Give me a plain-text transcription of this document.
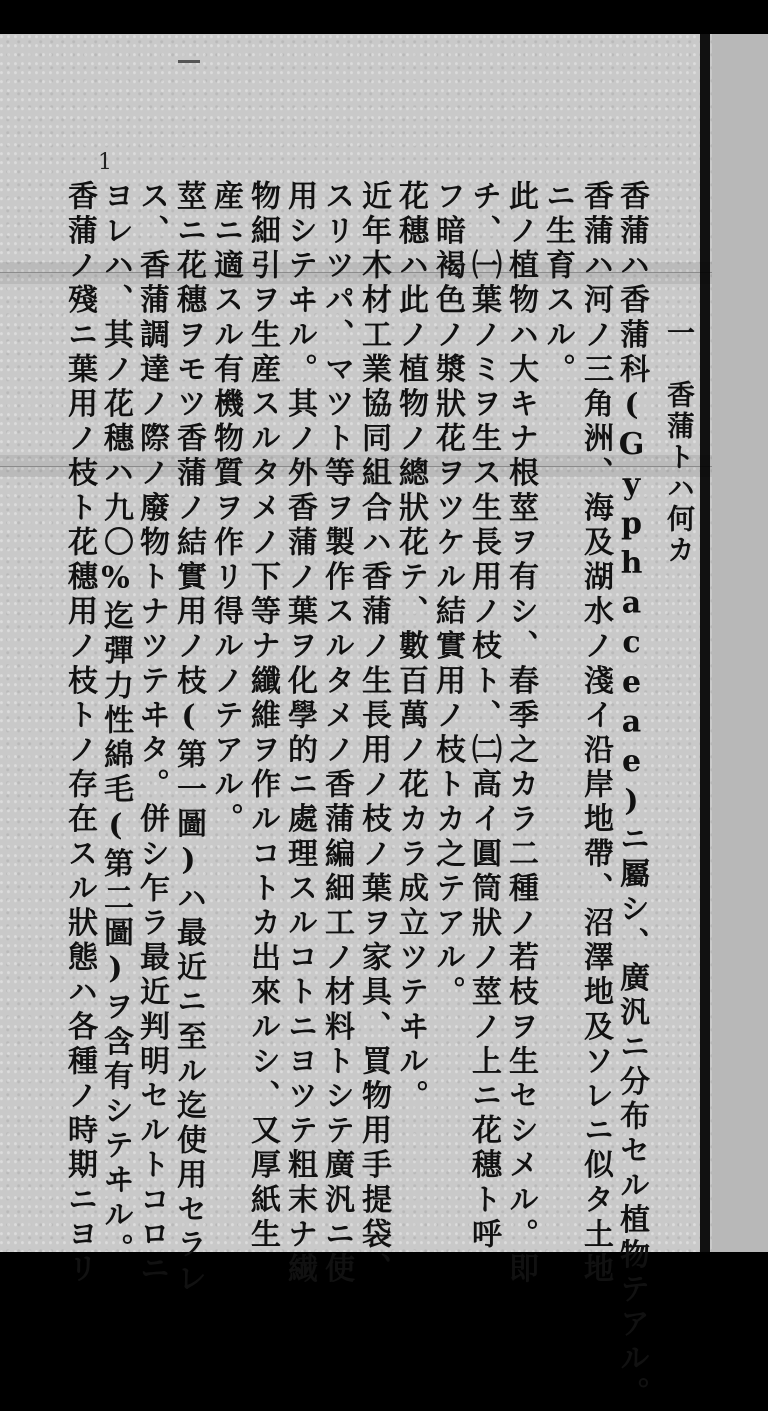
1
一　香蒲トハ何カ
香蒲ハ香蒲科(Gyphaceae)ニ屬シ、廣汎ニ分布セル植物テアル。
香蒲ハ河ノ三角洲、海及湖水ノ淺イ沿岸地帶、沼澤地及ソレニ似タ土地
ニ生育スル。
此ノ植物ハ大キナ根莖ヲ有シ、春季之カラ二種ノ若枝ヲ生セシメル。即
チ、㈠葉ノミヲ生ス生長用ノ枝ト、㈡高イ圓筒狀ノ莖ノ上ニ花穗ト呼
フ暗褐色ノ漿狀花ヲツケル結實用ノ枝トカ之テアル。
花穗ハ此ノ植物ノ總狀花テ、數百萬ノ花カラ成立ツテヰル。
近年木材工業協同組合ハ香蒲ノ生長用ノ枝ノ葉ヲ家具、買物用手提袋、
スリツパ、マツト等ヲ製作スルタメノ香蒲編細工ノ材料トシテ廣汎ニ使
用シテヰル。其ノ外香蒲ノ葉ヲ化學的ニ處理スルコトニヨツテ粗末ナ繊
物細引ヲ生産スルタメノ下等ナ纖維ヲ作ルコトカ出來ルシ、又厚紙生
産ニ適スル有機物質ヲ作リ得ルノテアル。
莖ニ花穗ヲモツ香蒲ノ結實用ノ枝(第一圖)ハ最近ニ至ル迄使用セラレ
ス、香蒲調達ノ際ノ廢物トナツテヰタ。併シ乍ラ最近判明セルトコロニ
ヨレハ、其ノ花穗ハ九〇%迄彈力性綿毛(第二圖)ヲ含有シテヰル。
香蒲ノ殘ニ葉用ノ枝ト花穗用ノ枝トノ存在スル狀態ハ各種ノ時期ニヨリ
